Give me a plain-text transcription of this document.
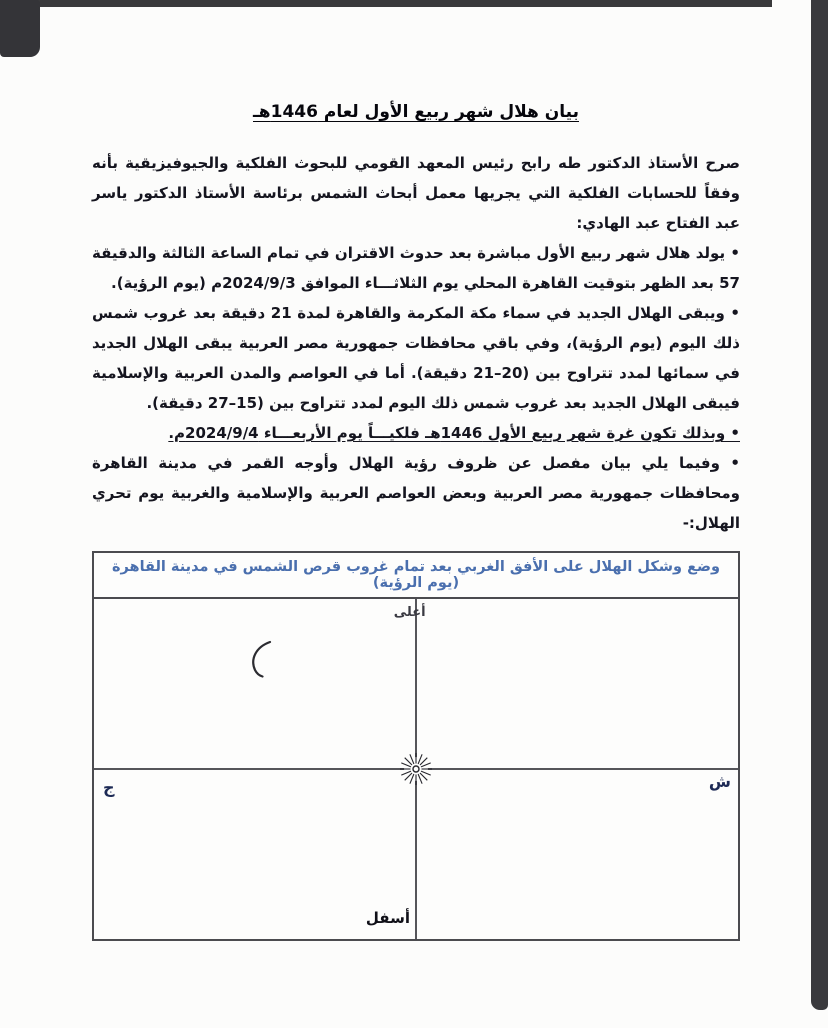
بيان هلال شهر ربيع الأول لعام 1446هـ

صرح الأستاذ الدكتور طه رابح رئيس المعهد القومي للبحوث الفلكية والجيوفيزيقية بأنه وفقاً للحسابات الفلكية التي يجريها معمل أبحاث الشمس برئاسة الأستاذ الدكتور ياسر عبد الفتاح عبد الهادي:

• يولد هلال شهر ربيع الأول مباشرة بعد حدوث الاقتران في تمام الساعة الثالثة والدقيقة 57 بعد الظهر بتوقيت القاهرة المحلي يوم الثلاثـــاء الموافق 2024/9/3م (يوم الرؤية).

• ويبقى الهلال الجديد في سماء مكة المكرمة والقاهرة لمدة 21 دقيقة بعد غروب شمس ذلك اليوم (يوم الرؤية)، وفي باقي محافظات جمهورية مصر العربية يبقى الهلال الجديد في سمائها لمدد تتراوح بين (20–21 دقيقة). أما في العواصم والمدن العربية والإسلامية فيبقى الهلال الجديد بعد غروب شمس ذلك اليوم لمدد تتراوح بين (15–27 دقيقة).

• وبذلك تكون غرة شهر ربيع الأول 1446هـ فلكيـــاً يوم الأربعـــاء 2024/9/4م.

• وفيما يلي بيان مفصل عن ظروف رؤية الهلال وأوجه القمر في مدينة القاهرة ومحافظات جمهورية مصر العربية وبعض العواصم العربية والإسلامية والغربية يوم تحري الهلال:-

وضع وشكل الهلال على الأفق الغربي بعد تمام غروب قرص الشمس في مدينة القاهرة (يوم الرؤية)
أعلى
ش
ج
أسفل
